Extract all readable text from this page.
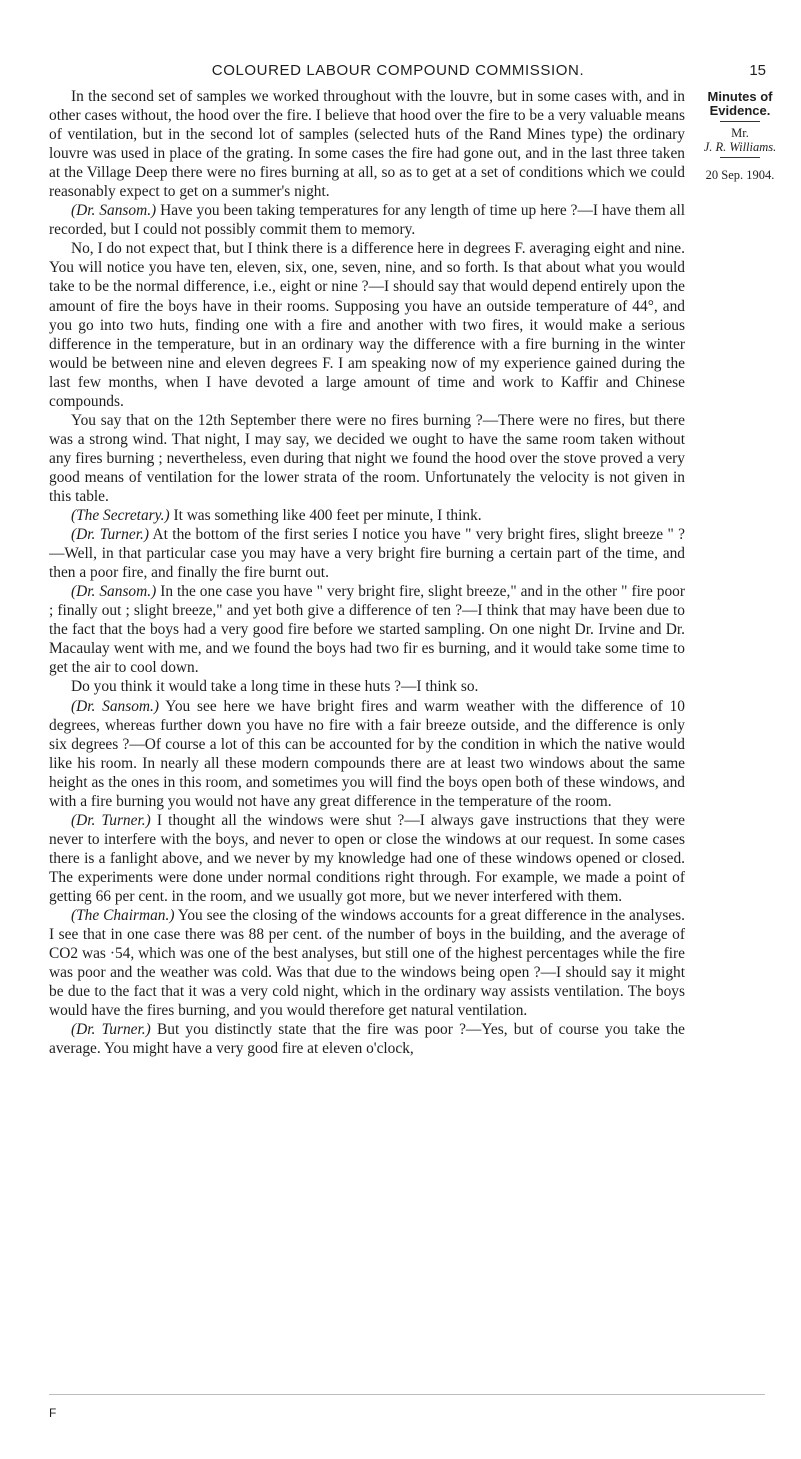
COLOURED LABOUR COMPOUND COMMISSION.	15

In the second set of samples we worked throughout with the louvre, but in some cases with, and in other cases without, the hood over the fire. I believe that hood over the fire to be a very valuable means of ventilation, but in the second lot of samples (selected huts of the Rand Mines type) the ordinary louvre was used in place of the grating. In some cases the fire had gone out, and in the last three taken at the Village Deep there were no fires burning at all, so as to get at a set of conditions which we could reasonably expect to get on a summer's night.

(Dr. Sansom.) Have you been taking temperatures for any length of time up here ?—I have them all recorded, but I could not possibly commit them to memory.

No, I do not expect that, but I think there is a difference here in degrees F. averaging eight and nine. You will notice you have ten, eleven, six, one, seven, nine, and so forth. Is that about what you would take to be the normal difference, i.e., eight or nine ?—I should say that would depend entirely upon the amount of fire the boys have in their rooms. Supposing you have an outside temperature of 44°, and you go into two huts, finding one with a fire and another with two fires, it would make a serious difference in the temperature, but in an ordinary way the difference with a fire burning in the winter would be between nine and eleven degrees F. I am speaking now of my experience gained during the last few months, when I have devoted a large amount of time and work to Kaffir and Chinese compounds.

You say that on the 12th September there were no fires burning ?—There were no fires, but there was a strong wind. That night, I may say, we decided we ought to have the same room taken without any fires burning ; nevertheless, even during that night we found the hood over the stove proved a very good means of ventilation for the lower strata of the room. Unfortunately the velocity is not given in this table.

(The Secretary.) It was something like 400 feet per minute, I think.

(Dr. Turner.) At the bottom of the first series I notice you have " very bright fires, slight breeze " ?—Well, in that particular case you may have a very bright fire burning a certain part of the time, and then a poor fire, and finally the fire burnt out.

(Dr. Sansom.) In the one case you have " very bright fire, slight breeze," and in the other " fire poor ; finally out ; slight breeze," and yet both give a difference of ten ?—I think that may have been due to the fact that the boys had a very good fire before we started sampling. On one night Dr. Irvine and Dr. Macaulay went with me, and we found the boys had two fir es burning, and it would take some time to get the air to cool down.

Do you think it would take a long time in these huts ?—I think so.

(Dr. Sansom.) You see here we have bright fires and warm weather with the difference of 10 degrees, whereas further down you have no fire with a fair breeze outside, and the difference is only six degrees ?—Of course a lot of this can be accounted for by the condition in which the native would like his room. In nearly all these modern compounds there are at least two windows about the same height as the ones in this room, and sometimes you will find the boys open both of these windows, and with a fire burning you would not have any great difference in the temperature of the room.

(Dr. Turner.) I thought all the windows were shut ?—I always gave instructions that they were never to interfere with the boys, and never to open or close the windows at our request. In some cases there is a fanlight above, and we never by my knowledge had one of these windows opened or closed. The experiments were done under normal conditions right through. For example, we made a point of getting 66 per cent. in the room, and we usually got more, but we never interfered with them.

(The Chairman.) You see the closing of the windows accounts for a great difference in the analyses. I see that in one case there was 88 per cent. of the number of boys in the building, and the average of CO2 was ·54, which was one of the best analyses, but still one of the highest percentages while the fire was poor and the weather was cold. Was that due to the windows being open ?—I should say it might be due to the fact that it was a very cold night, which in the ordinary way assists ventilation. The boys would have the fires burning, and you would therefore get natural ventilation.

(Dr. Turner.) But you distinctly state that the fire was poor ?—Yes, but of course you take the average. You might have a very good fire at eleven o'clock,

Minutes of Evidence.
Mr.
J. R. Williams.
20 Sep. 1904.
F
